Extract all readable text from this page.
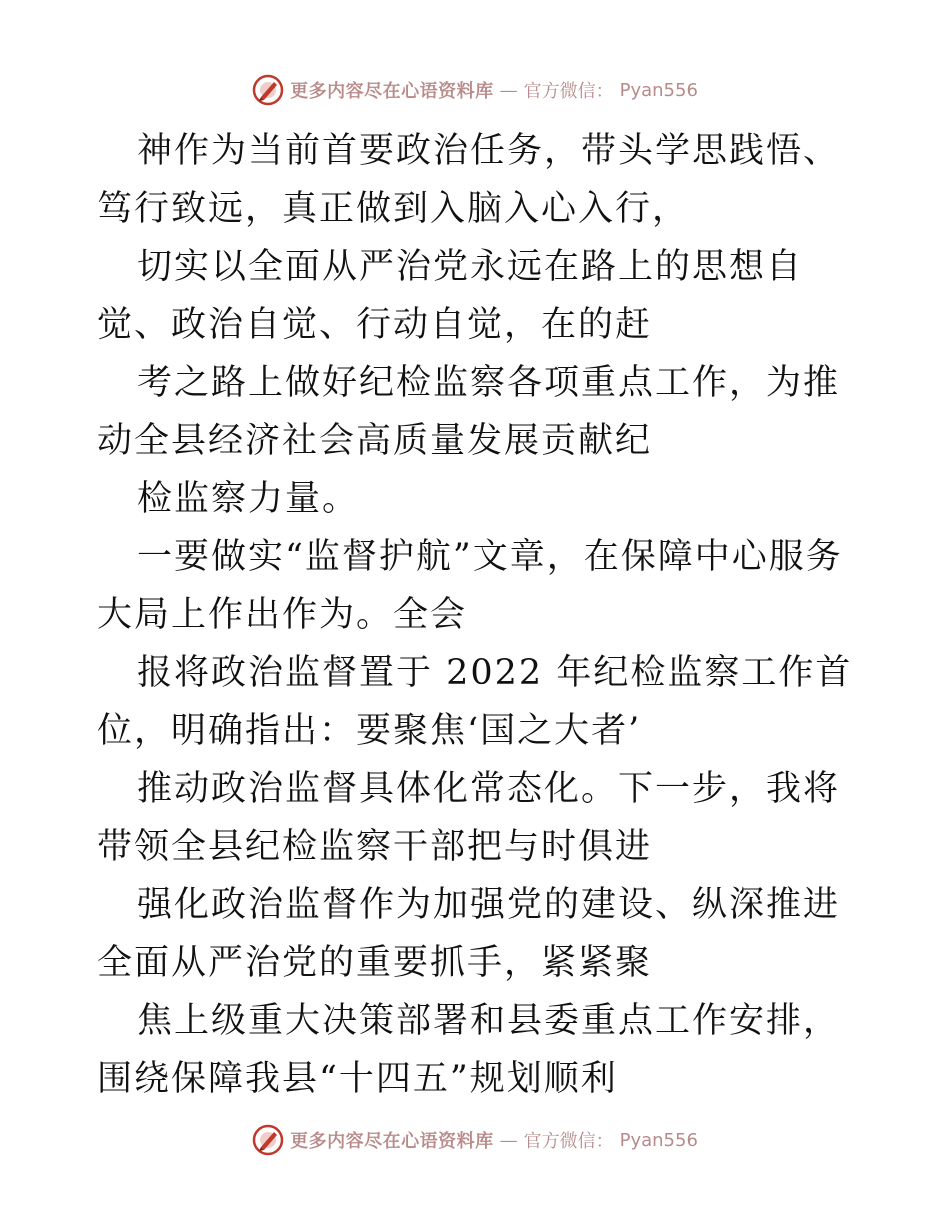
更多内容尽在心语资料库 — 官方微信： Pyan556

神作为当前首要政治任务，带头学思践悟、笃行致远，真正做到入脑入心入行，

切实以全面从严治党永远在路上的思想自觉、政治自觉、行动自觉，在的赶

考之路上做好纪检监察各项重点工作，为推动全县经济社会高质量发展贡献纪

检监察力量。

一要做实“监督护航”文章，在保障中心服务大局上作出作为。全会

报将政治监督置于 2022 年纪检监察工作首位，明确指出：要聚焦‘国之大者’

推动政治监督具体化常态化。下一步，我将带领全县纪检监察干部把与时俱进

强化政治监督作为加强党的建设、纵深推进全面从严治党的重要抓手，紧紧聚

焦上级重大决策部署和县委重点工作安排，围绕保障我县“十四五”规划顺利

更多内容尽在心语资料库 — 官方微信： Pyan556
